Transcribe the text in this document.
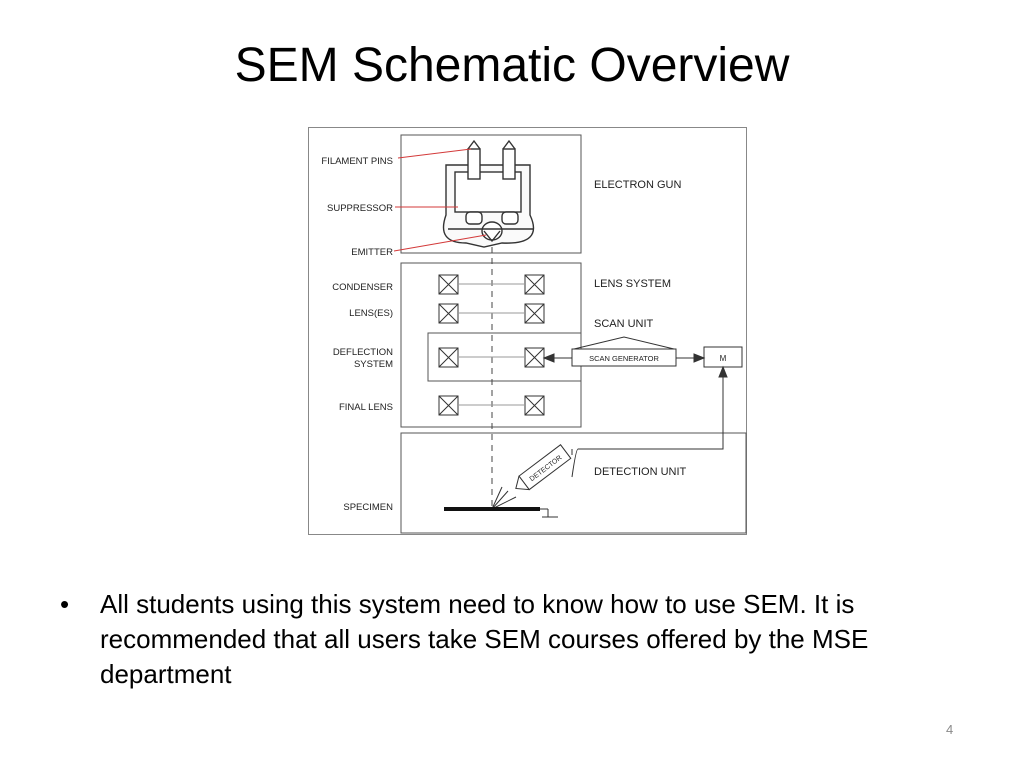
SEM Schematic Overview
DETECTOR
FILAMENT PINS
SUPPRESSOR
EMITTER
CONDENSER
LENS(ES)
DEFLECTION
SYSTEM
FINAL LENS
SPECIMEN
ELECTRON GUN
LENS SYSTEM
SCAN UNIT
DETECTION UNIT
SCAN GENERATOR	M
• All students using this system need to know how to use SEM. It is recommended that all users take SEM courses offered by the MSE department
4
